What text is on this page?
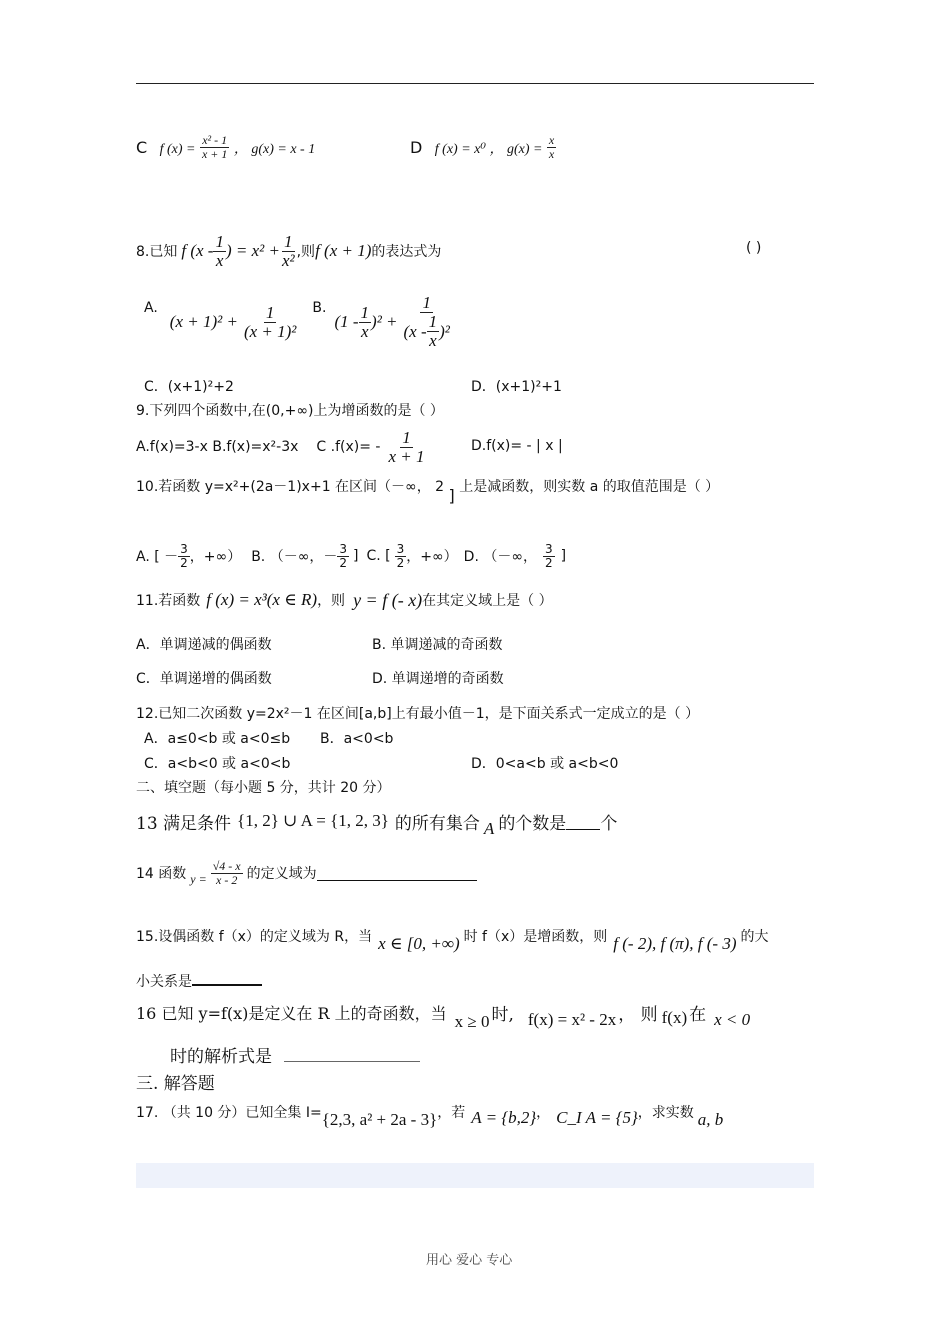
C f $(x) = \frac{\text{x² - 1}}{x + 1}$ ， g(x) = x - 1	D f (x) = x⁰ ， $g(x) = \frac{x}{x}$
8.已知 f ($x - \frac{1}{x}$ ) = $x^2 + \frac{1}{\text{x²}}$ ,则 f (x + 1) 的表达式为	( )
A.
$(x + 1)^2 + \frac{1}{\text{(x + 1)²}} B$.
$(1 - \frac{1}{x} )^2 + \frac{1}{(x - \frac{1}{x} )^2}$
C．(x+1)²+2	D．(x+1)²+1
9.下列四个函数中,在(0,+∞)上为增函数的是（ ）
A.f(x)=3-x B.f(x)=x²-3x C $.f(x)= - \frac{1}{x + 1}$	D.f(x)= - | x |
10.若函数 y=x²+(2a－1)x+1 在区间（－∞， 2 ] 上是减函数，则实数 a 的取值范围是（ ）
A. [ － $\frac{3}{2}$ ，+∞） B. （－∞，－ $\frac{3}{2}$ ] C. [ $\frac{3}{2}$ ，+∞） D. （－∞， $\frac{3}{2}$ ]
11.若函数 f (x) = x³(x ∈ R) ，则 y = f (- x) 在其定义域上是（ ）
A．单调递减的偶函数	B. 单调递减的奇函数
C．单调递增的偶函数	D. 单调递增的奇函数
12.已知二次函数 y=2x²－1 在区间[a,b]上有最小值－1，是下面关系式一定成立的是（ ）
A．a≤0<b 或 a<0≤b B．a<0<b
C．a<b<0 或 a<0<b	D．0<a<b 或 a<b<0
二、填空题（每小题 5 分，共计 20 分）
13 满足条件 {1, 2} ∪ A = {1, 2, 3} 的所有集合 A 的个数是 个
14 函数 $y = \frac{√4 - x}{x - 2}$ 的定义域为
15.设偶函数 f（x）的定义域为 R，当 x ∈ [0, +∞) 时 f（x）是增函数，则 f (- 2), f (π), f (- 3) 的大
小关系是
16 已知 y=f(x)是定义在 R 上的奇函数，当 x ≥ 0 时, f(x) = x² - 2x ， 则 f(x) 在 x < 0
时的解析式是
三. 解答题
17. （共 10 分）已知全集 I= {2,3, a² + 2a - 3} ，若 A = {b,2} ， C_I A = {5} ，求实数 a, b
用心 爱心 专心
